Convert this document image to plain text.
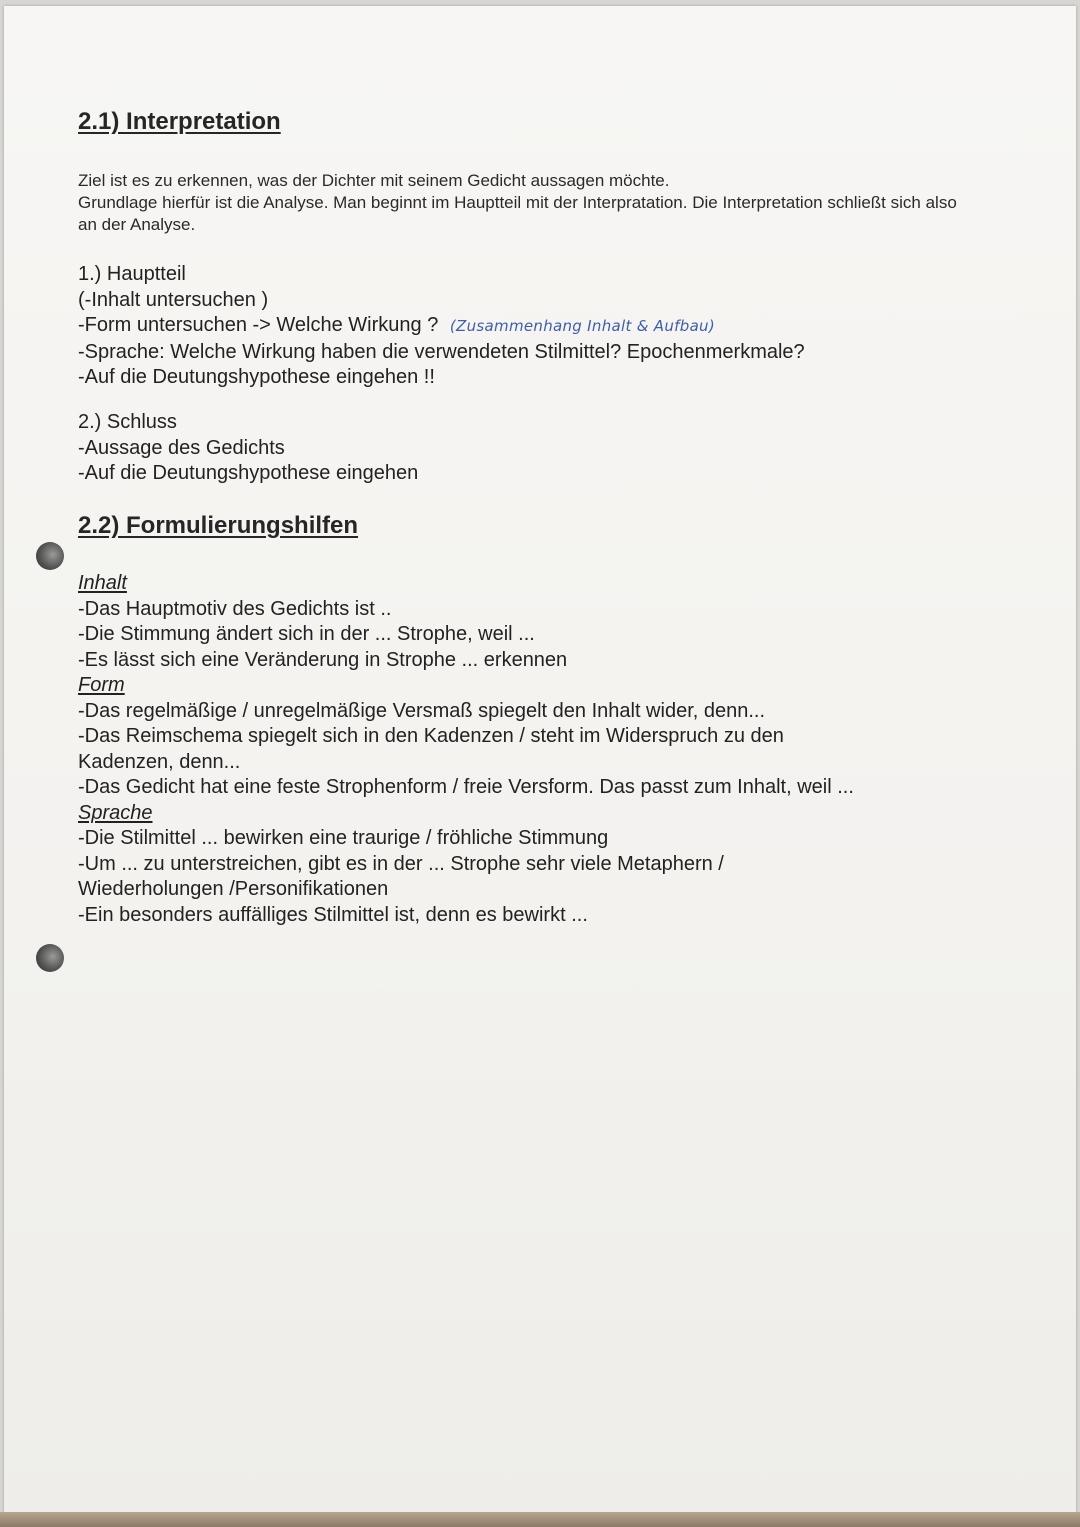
2.1) Interpretation

Ziel ist es zu erkennen, was der Dichter mit seinem Gedicht aussagen möchte.

Grundlage hierfür ist die Analyse. Man beginnt im Hauptteil mit der Interpratation. Die Interpretation schließt sich also an der Analyse.

1.) Hauptteil
(-Inhalt untersuchen )
-Form untersuchen -> Welche Wirkung ? (Zusammenhang Inhalt & Aufbau)
-Sprache: Welche Wirkung haben die verwendeten Stilmittel? Epochenmerkmale?
-Auf die Deutungshypothese eingehen !!
2.) Schluss
-Aussage des Gedichts
-Auf die Deutungshypothese eingehen
2.2) Formulierungshilfen
Inhalt
-Das Hauptmotiv des Gedichts ist ..
-Die Stimmung ändert sich in der ... Strophe, weil ...
-Es lässt sich eine Veränderung in Strophe ... erkennen
Form
-Das regelmäßige / unregelmäßige Versmaß spiegelt den Inhalt wider, denn...
-Das Reimschema spiegelt sich in den Kadenzen / steht im Widerspruch zu den Kadenzen, denn...
-Das Gedicht hat eine feste Strophenform / freie Versform. Das passt zum Inhalt, weil ...
Sprache
-Die Stilmittel ... bewirken eine traurige / fröhliche Stimmung
-Um ... zu unterstreichen, gibt es in der ... Strophe sehr viele Metaphern / Wiederholungen /Personifikationen
-Ein besonders auffälliges Stilmittel ist, denn es bewirkt ...
